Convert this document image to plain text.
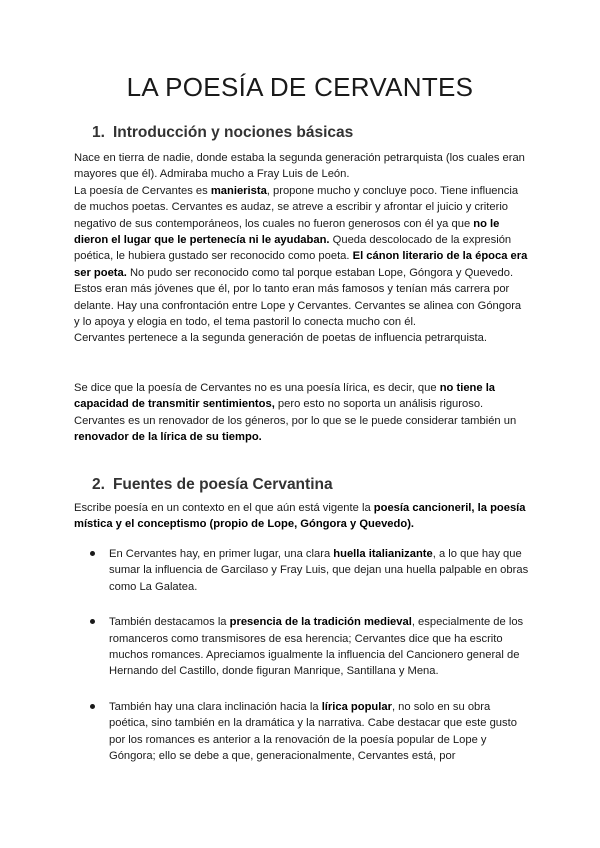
LA POESÍA DE CERVANTES
1. Introducción y nociones básicas

Nace en tierra de nadie, donde estaba la segunda generación petrarquista (los cuales eran mayores que él). Admiraba mucho a Fray Luis de León.

La poesía de Cervantes es manierista, propone mucho y concluye poco. Tiene influencia de muchos poetas. Cervantes es audaz, se atreve a escribir y afrontar el juicio y criterio negativo de sus contemporáneos, los cuales no fueron generosos con él ya que no le dieron el lugar que le pertenecía ni le ayudaban. Queda descolocado de la expresión poética, le hubiera gustado ser reconocido como poeta. El cánon literario de la época era ser poeta. No pudo ser reconocido como tal porque estaban Lope, Góngora y Quevedo. Estos eran más jóvenes que él, por lo tanto eran más famosos y tenían más carrera por delante. Hay una confrontación entre Lope y Cervantes. Cervantes se alinea con Góngora y lo apoya y elogia en todo, el tema pastoril lo conecta mucho con él.

Cervantes pertenece a la segunda generación de poetas de influencia petrarquista.

Se dice que la poesía de Cervantes no es una poesía lírica, es decir, que no tiene la capacidad de transmitir sentimientos, pero esto no soporta un análisis riguroso. Cervantes es un renovador de los géneros, por lo que se le puede considerar también un renovador de la lírica de su tiempo.

2. Fuentes de poesía Cervantina

Escribe poesía en un contexto en el que aún está vigente la poesía cancioneril, la poesía mística y el conceptismo (propio de Lope, Góngora y Quevedo).

En Cervantes hay, en primer lugar, una clara huella italianizante, a lo que hay que sumar la influencia de Garcilaso y Fray Luis, que dejan una huella palpable en obras como La Galatea.
También destacamos la presencia de la tradición medieval, especialmente de los romanceros como transmisores de esa herencia; Cervantes dice que ha escrito muchos romances. Apreciamos igualmente la influencia del Cancionero general de Hernando del Castillo, donde figuran Manrique, Santillana y Mena.
También hay una clara inclinación hacia la lírica popular, no solo en su obra poética, sino también en la dramática y la narrativa. Cabe destacar que este gusto por los romances es anterior a la renovación de la poesía popular de Lope y Góngora; ello se debe a que, generacionalmente, Cervantes está, por
